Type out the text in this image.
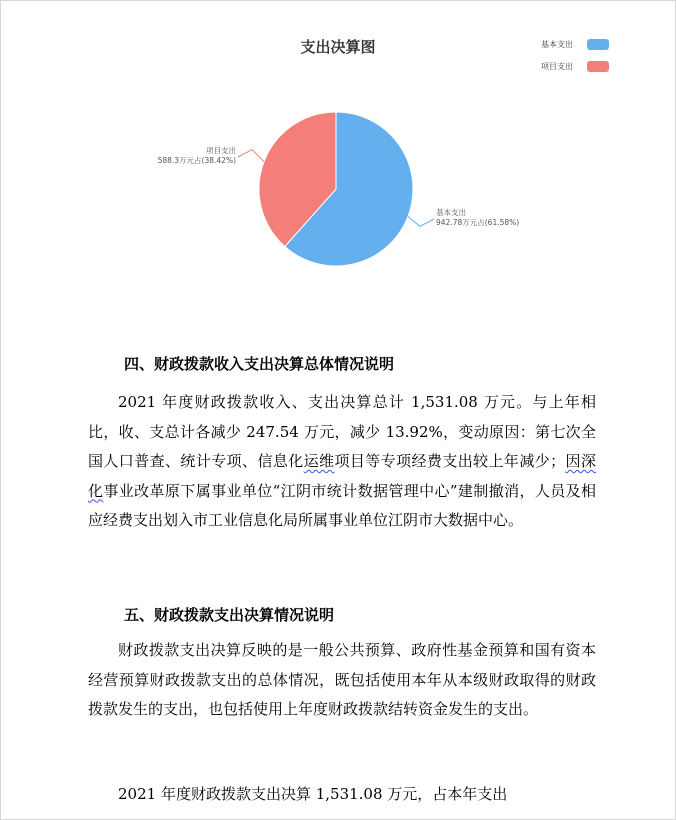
支出决算图	基本支出
项目支出
基本支出
942.78万元占(61.58%)
项目支出
588.3万元占(38.42%)
四、财政拨款收入支出决算总体情况说明

2021 年度财政拨款收入、支出决算总计 1,531.08 万元。与上年相比，收、支总计各减少 247.54 万元，减少 13.92%，变动原因：第七次全国人口普查、统计专项、信息化运维项目等专项经费支出较上年减少；因深化事业改革原下属事业单位“江阴市统计数据管理中心”建制撤消，人员及相应经费支出划入市工业信息化局所属事业单位江阴市大数据中心。

五、财政拨款支出决算情况说明

财政拨款支出决算反映的是一般公共预算、政府性基金预算和国有资本经营预算财政拨款支出的总体情况，既包括使用本年从本级财政取得的财政拨款发生的支出，也包括使用上年度财政拨款结转资金发生的支出。

2021 年度财政拨款支出决算 1,531.08 万元，占本年支出
